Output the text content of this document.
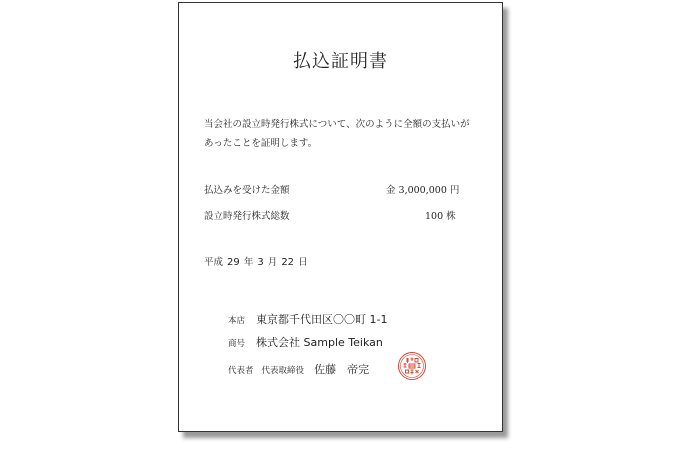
払込証明書
当会社の設立時発行株式について、次のように全額の支払いが
あったことを証明します。
払込みを受けた金額	金 3,000,000 円
設立時発行株式総数	100 株
平成 29 年 3 月 22 日
本店 東京都千代田区〇〇町 1-1
商号 株式会社 Sample Teikan
代表者 代表取締役 佐藤　帝完
